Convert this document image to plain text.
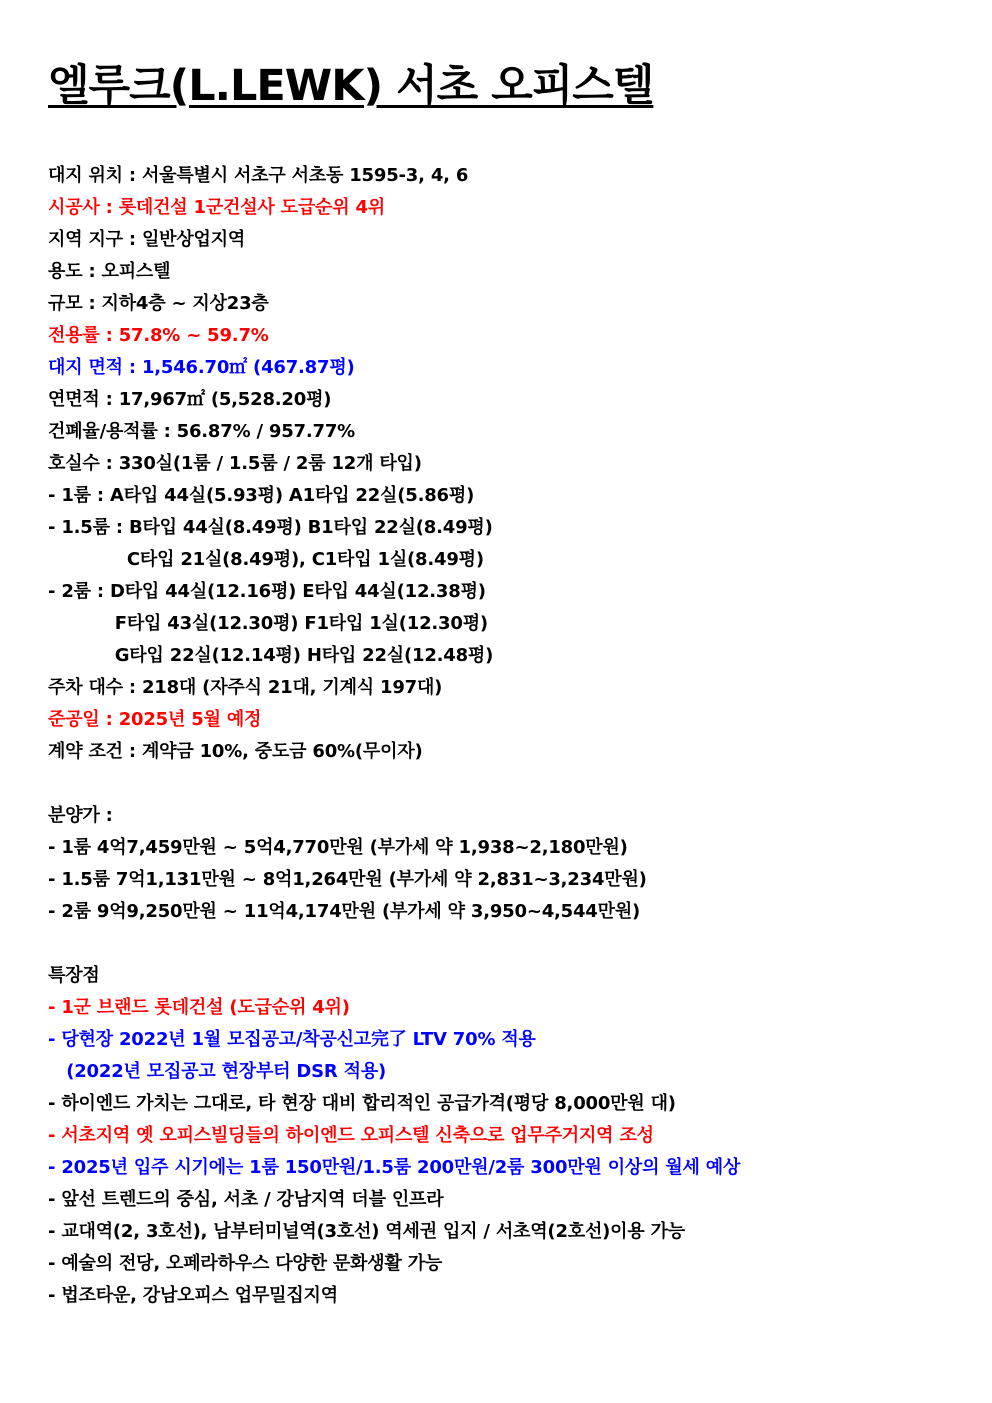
엘루크(L.LEWK) 서초 오피스텔
대지 위치 : 서울특별시 서초구 서초동 1595-3, 4, 6
시공사 : 롯데건설 1군건설사 도급순위 4위
지역 지구 : 일반상업지역
용도 : 오피스텔
규모 : 지하4층 ~ 지상23층
전용률 : 57.8% ~ 59.7%
대지 면적 : 1,546.70㎡ (467.87평)
연면적 : 17,967㎡ (5,528.20평)
건폐율/용적률 : 56.87% / 957.77%
호실수 : 330실(1룸 / 1.5룸 / 2룸 12개 타입)
- 1룸 : A타입 44실(5.93평) A1타입 22실(5.86평)
- 1.5룸 : B타입 44실(8.49평) B1타입 22실(8.49평)
C타입 21실(8.49평), C1타입 1실(8.49평)
- 2룸 : D타입 44실(12.16평) E타입 44실(12.38평)
F타입 43실(12.30평) F1타입 1실(12.30평)
G타입 22실(12.14평) H타입 22실(12.48평)
주차 대수 : 218대 (자주식 21대, 기계식 197대)
준공일 : 2025년 5월 예정
계약 조건 : 계약금 10%, 중도금 60%(무이자)
분양가 :
- 1룸 4억7,459만원 ~ 5억4,770만원 (부가세 약 1,938~2,180만원)
- 1.5룸 7억1,131만원 ~ 8억1,264만원 (부가세 약 2,831~3,234만원)
- 2룸 9억9,250만원 ~ 11억4,174만원 (부가세 약 3,950~4,544만원)
특장점
- 1군 브랜드 롯데건설 (도급순위 4위)
- 당현장 2022년 1월 모집공고/착공신고完了 LTV 70% 적용
(2022년 모집공고 현장부터 DSR 적용)
- 하이엔드 가치는 그대로, 타 현장 대비 합리적인 공급가격(평당 8,000만원 대)
- 서초지역 옛 오피스빌딩들의 하이엔드 오피스텔 신축으로 업무주거지역 조성
- 2025년 입주 시기에는 1룸 150만원/1.5룸 200만원/2룸 300만원 이상의 월세 예상
- 앞선 트렌드의 중심, 서초 / 강남지역 더블 인프라
- 교대역(2, 3호선), 남부터미널역(3호선) 역세권 입지 / 서초역(2호선)이용 가능
- 예술의 전당, 오페라하우스 다양한 문화생활 가능
- 법조타운, 강남오피스 업무밀집지역
